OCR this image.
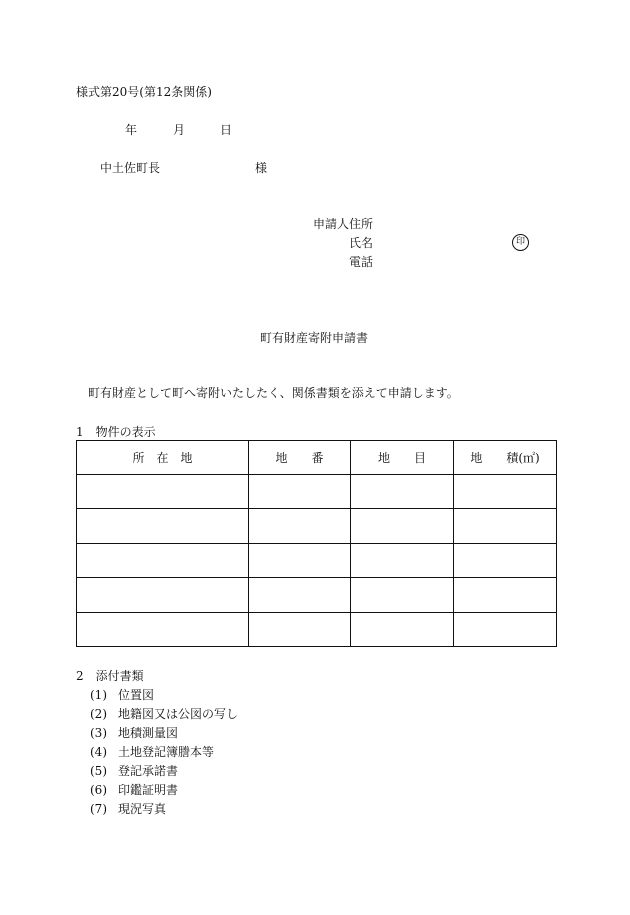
様式第20号(第12条関係)
年	月	日
中土佐町長	様
申請人住所
氏名	印
電話
町有財産寄附申請書
町有財産として町へ寄附いたしたく、関係書類を添えて申請します。
1　物件の表示
所　在　地	地　　番	地　　目	地　　積(㎡)

2　添付書類
(1) 位置図
(2) 地籍図又は公図の写し
(3) 地積測量図
(4) 土地登記簿謄本等
(5) 登記承諾書
(6) 印鑑証明書
(7) 現況写真
